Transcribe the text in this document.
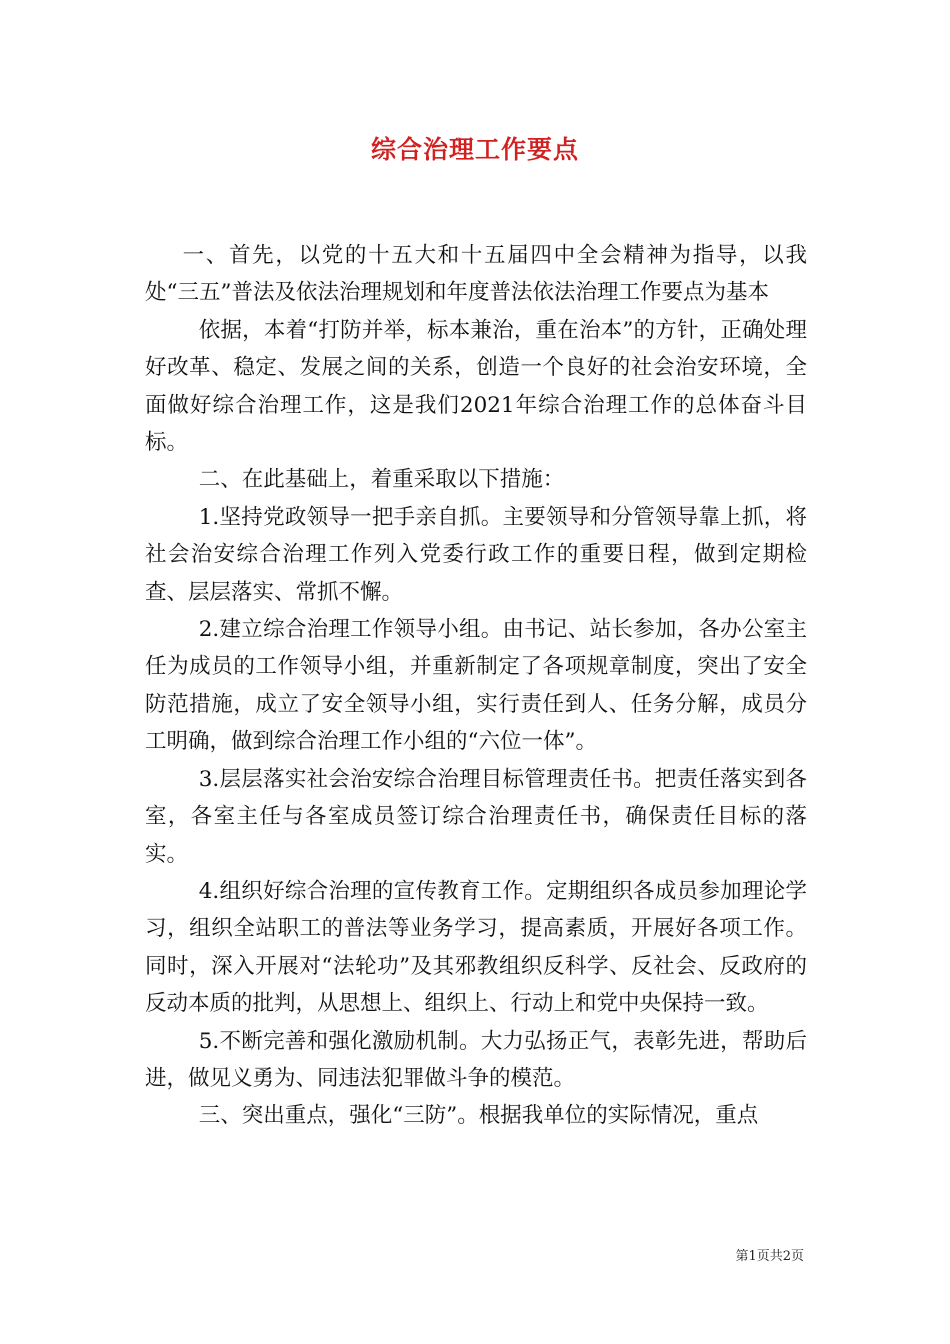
综合治理工作要点

一、首先，以党的十五大和十五届四中全会精神为指导，以我处“三五”普法及依法治理规划和年度普法依法治理工作要点为基本

依据，本着“打防并举，标本兼治，重在治本”的方针，正确处理好改革、稳定、发展之间的关系，创造一个良好的社会治安环境，全面做好综合治理工作，这是我们2021年综合治理工作的总体奋斗目标。

二、在此基础上，着重采取以下措施：

1.坚持党政领导一把手亲自抓。主要领导和分管领导靠上抓，将社会治安综合治理工作列入党委行政工作的重要日程，做到定期检查、层层落实、常抓不懈。

2.建立综合治理工作领导小组。由书记、站长参加，各办公室主任为成员的工作领导小组，并重新制定了各项规章制度，突出了安全防范措施，成立了安全领导小组，实行责任到人、任务分解，成员分工明确，做到综合治理工作小组的“六位一体”。

3.层层落实社会治安综合治理目标管理责任书。把责任落实到各室，各室主任与各室成员签订综合治理责任书，确保责任目标的落实。

4.组织好综合治理的宣传教育工作。定期组织各成员参加理论学习，组织全站职工的普法等业务学习，提高素质，开展好各项工作。同时，深入开展对“法轮功”及其邪教组织反科学、反社会、反政府的反动本质的批判，从思想上、组织上、行动上和党中央保持一致。

5.不断完善和强化激励机制。大力弘扬正气，表彰先进，帮助后进，做见义勇为、同违法犯罪做斗争的模范。

三、突出重点，强化“三防”。根据我单位的实际情况，重点

第1页共2页
